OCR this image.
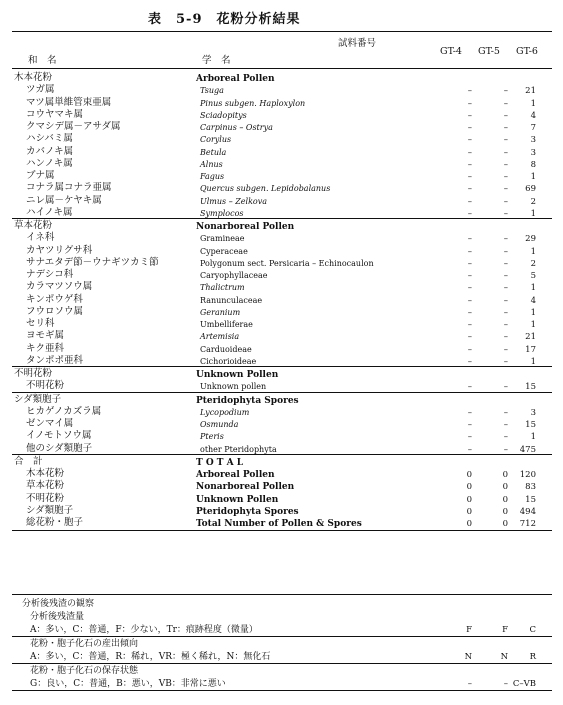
表　5-9　花粉分析結果
試料番号
和　名	学　名
GT-4 GT-5 GT-6
木本花粉	Arboreal Pollen
ツガ属	Tsuga	–	–	21
マツ属単維管束亜属	Pinus subgen. Haploxylon	–	–	1
コウヤマキ属	Sciadopitys	–	–	4
クマシデ属－アサダ属	Carpinus – Ostrya	–	–	7
ハシバミ属	Corylus	–	–	3
カバノキ属	Betula	–	–	3
ハンノキ属	Alnus	–	–	8
ブナ属	Fagus	–	–	1
コナラ属コナラ亜属	Quercus subgen. Lepidobalanus	–	–	69
ニレ属－ケヤキ属	Ulmus – Zelkova	–	–	2
ハイノキ属	Symplocos	–	–	1
草本花粉	Nonarboreal Pollen
イネ科	Gramineae	–	–	29
カヤツリグサ科	Cyperaceae	–	–	1
サナエタデ節－ウナギツカミ節	Polygonum sect. Persicaria – Echinocaulon	–	–	2
ナデシコ科	Caryophyllaceae	–	–	5
カラマツソウ属	Thalictrum	–	–	1
キンポウゲ科	Ranunculaceae	–	–	4
フウロソウ属	Geranium	–	–	1
セリ科	Umbelliferae	–	–	1
ヨモギ属	Artemisia	–	–	21
キク亜科	Carduoideae	–	–	17
タンポポ亜科	Cichorioideae	–	–	1
不明花粉	Unknown Pollen
不明花粉	Unknown pollen	–	–	15
シダ類胞子	Pteridophyta Spores
ヒカゲノカズラ属	Lycopodium	–	–	3
ゼンマイ属	Osmunda	–	–	15
イノモトソウ属	Pteris	–	–	1
他のシダ類胞子	other Pteridophyta	–	–	475
合　計	T O T A L
木本花粉	Arboreal Pollen	0	0	120
草本花粉	Nonarboreal Pollen	0	0	83
不明花粉	Unknown Pollen	0	0	15
シダ類胞子	Pteridophyta Spores	0	0	494
総花粉・胞子	Total Number of Pollen & Spores	0	0	712
分析後残渣の観察
分析後残渣量
A：多い，C：普通，F：少ない，Tr：痕跡程度（微量）	F	F	C
花粉・胞子化石の産出傾向
A：多い，C：普通，R：稀れ，VR：極く稀れ，N：無化石	N	N	R
花粉・胞子化石の保存状態
G：良い，C：普通，B：悪い，VB：非常に悪い	–	– C–VB
